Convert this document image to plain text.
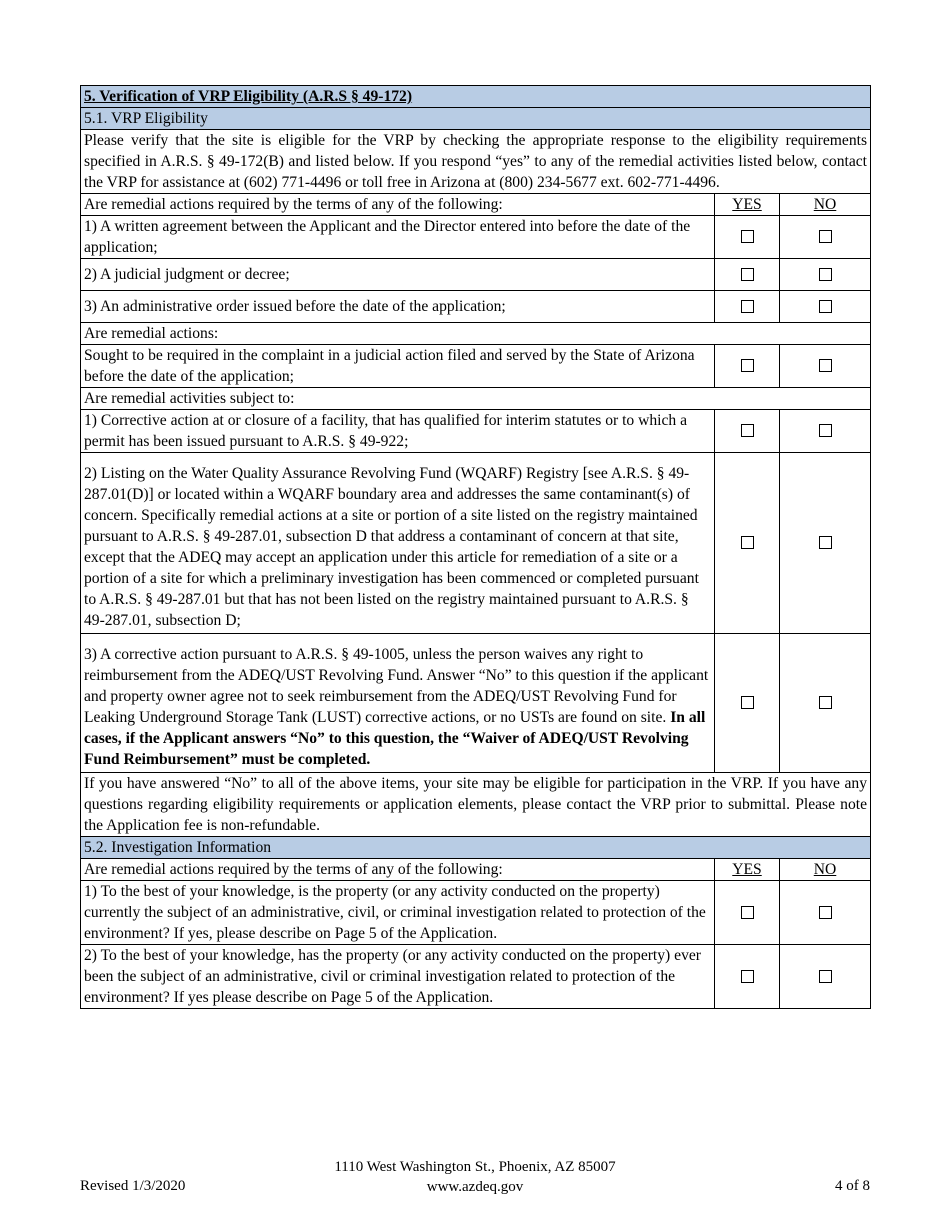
5. Verification of VRP Eligibility (A.R.S § 49-172)		
5.1. VRP Eligibility		
Please verify that the site is eligible for the VRP by checking the appropriate response to the eligibility requirements specified in A.R.S. § 49-172(B) and listed below. If you respond “yes” to any of the remedial activities listed below, contact the VRP for assistance at (602) 771-4496 or toll free in Arizona at (800) 234-5677 ext. 602-771-4496.		
Are remedial actions required by the terms of any of the following:	YES	NO
1) A written agreement between the Applicant and the Director entered into before the date of the application;		
2) A judicial judgment or decree;		
3) An administrative order issued before the date of the application;		
Are remedial actions:		
Sought to be required in the complaint in a judicial action filed and served by the State of Arizona before the date of the application;		
Are remedial activities subject to:		
1) Corrective action at or closure of a facility, that has qualified for interim statutes or to which a permit has been issued pursuant to A.R.S. § 49-922;		
2) Listing on the Water Quality Assurance Revolving Fund (WQARF) Registry [see A.R.S. § 49-287.01(D)] or located within a WQARF boundary area and addresses the same contaminant(s) of concern. Specifically remedial actions at a site or portion of a site listed on the registry maintained pursuant to A.R.S. § 49-287.01, subsection D that address a contaminant of concern at that site, except that the ADEQ may accept an application under this article for remediation of a site or a portion of a site for which a preliminary investigation has been commenced or completed pursuant to A.R.S. § 49-287.01 but that has not been listed on the registry maintained pursuant to A.R.S. § 49-287.01, subsection D;		
3) A corrective action pursuant to A.R.S. § 49-1005, unless the person waives any right to reimbursement from the ADEQ/UST Revolving Fund. Answer “No” to this question if the applicant and property owner agree not to seek reimbursement from the ADEQ/UST Revolving Fund for Leaking Underground Storage Tank (LUST) corrective actions, or no USTs are found on site. In all cases, if the Applicant answers “No” to this question, the “Waiver of ADEQ/UST Revolving Fund Reimbursement” must be completed.		
If you have answered “No” to all of the above items, your site may be eligible for participation in the VRP. If you have any questions regarding eligibility requirements or application elements, please contact the VRP prior to submittal. Please note the Application fee is non-refundable.		
5.2. Investigation Information		
Are remedial actions required by the terms of any of the following:	YES	NO
1) To the best of your knowledge, is the property (or any activity conducted on the property) currently the subject of an administrative, civil, or criminal investigation related to protection of the environment? If yes, please describe on Page 5 of the Application.		
2) To the best of your knowledge, has the property (or any activity conducted on the property) ever been the subject of an administrative, civil or criminal investigation related to protection of the environment? If yes please describe on Page 5 of the Application.		
Revised 1/3/2020
1110 West Washington St., Phoenix, AZ 85007
www.azdeq.gov	4 of 8
